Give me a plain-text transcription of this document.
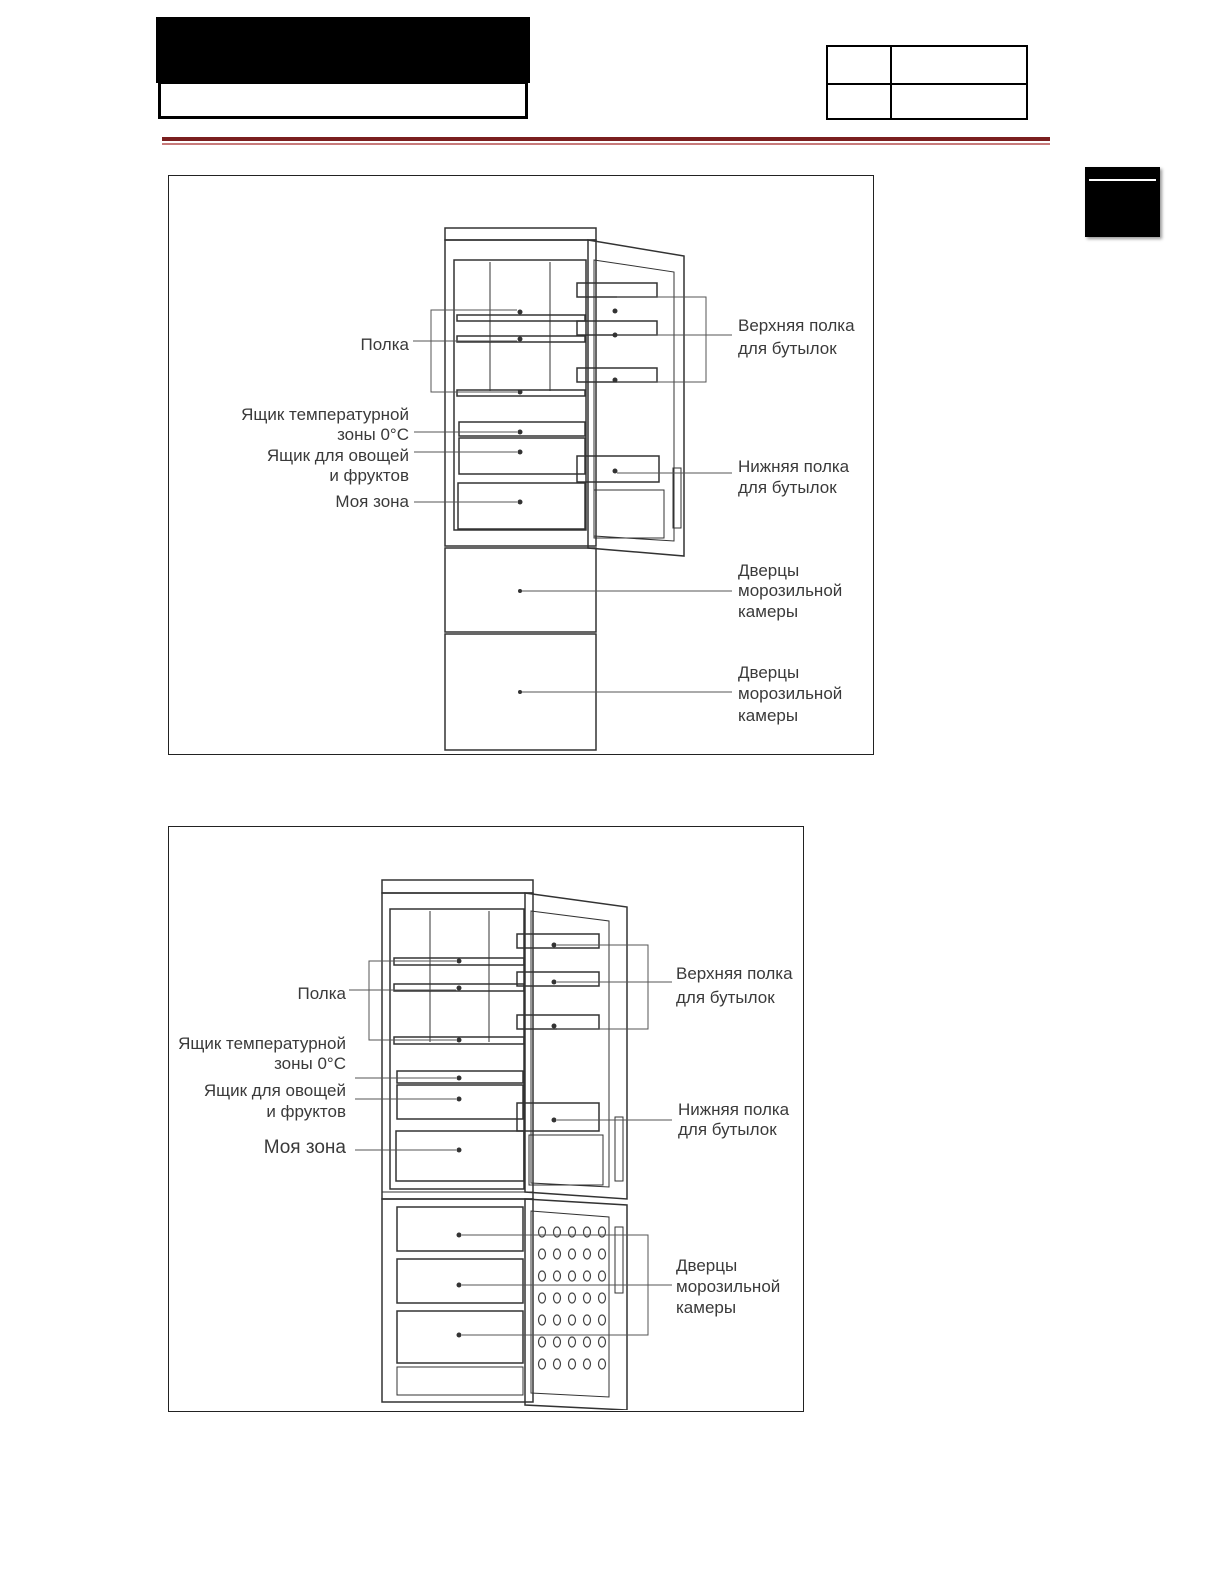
Полка
Ящик температурной
зоны 0°C
Ящик для овощей
и фруктов
Моя зона
Верхняя полка
для бутылок
Нижняя полка
для бутылок
Дверцы
морозильной
камеры
Дверцы
морозильной
камеры
Полка
Ящик температурной
зоны 0°C
Ящик для овощей
и фруктов
Моя зона
Верхняя полка
для бутылок
Нижняя полка
для бутылок
Дверцы
морозильной
камеры
